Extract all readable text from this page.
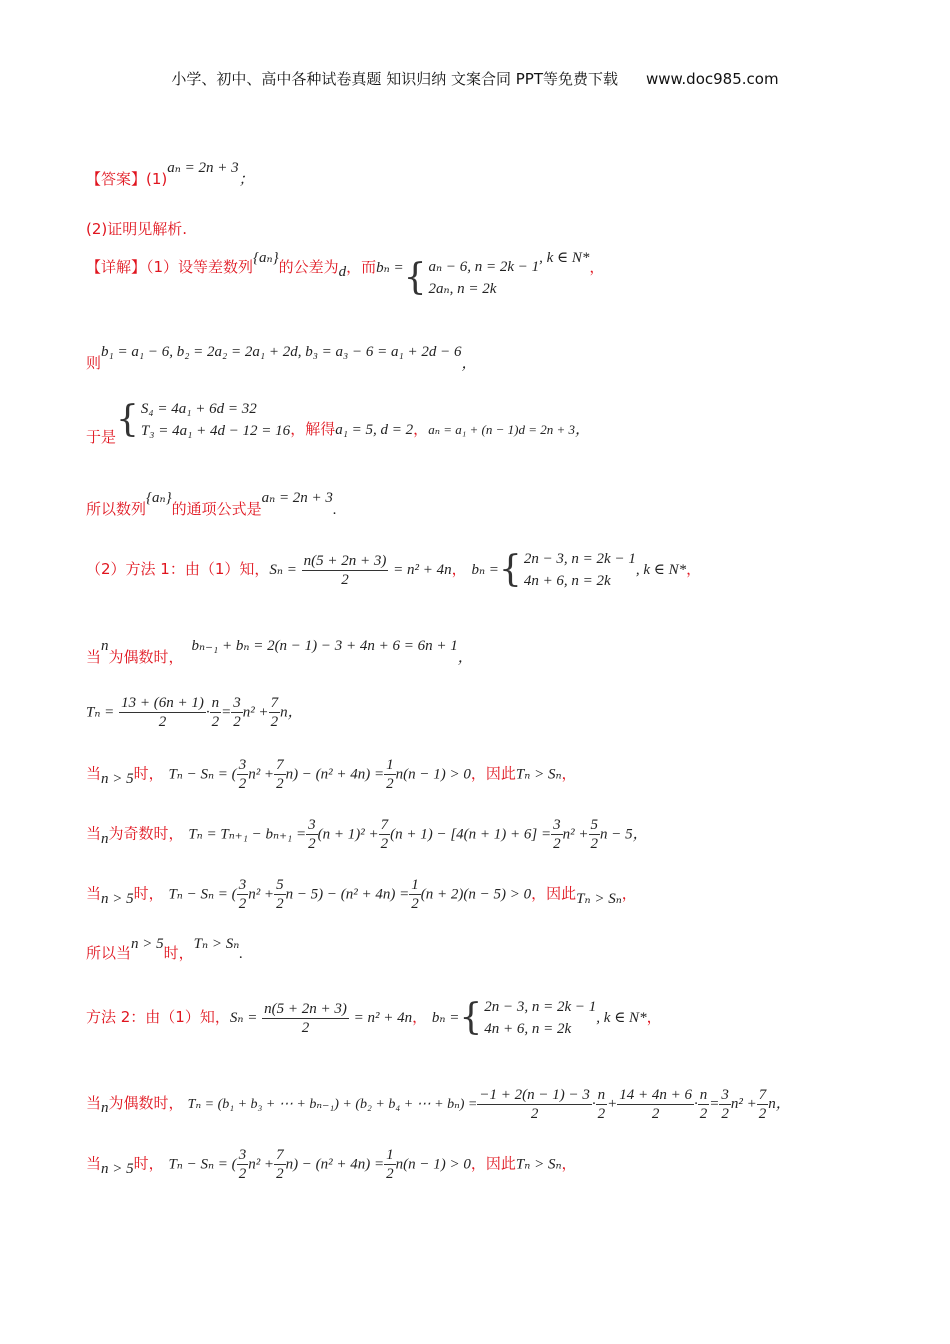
小学、初中、高中各种试卷真题 知识归纳 文案合同 PPT等免费下载 www.doc985.com
【答案】(1)aₙ = 2n + 3；
(2)证明见解析.
【详解】（1）设等差数列{aₙ}的公差为d，而bₙ ={ aₙ − 6, n = 2k − 1
2aₙ, n = 2k
, k ∈ N*，
则b₁ = a₁ − 6, b₂ = 2a₂ = 2a₁ + 2d, b₃ = a₃ − 6 = a₁ + 2d − 6，
于是{ S₄ = 4a₁ + 6d = 32
T₃ = 4a₁ + 4d − 12 = 16 ，解得a₁ = 5, d = 2，aₙ = a₁ + (n − 1)d = 2n + 3，
所以数列{aₙ}的通项公式是aₙ = 2n + 3.
（2）方法 1：由（1）知，$S_n = \frac{n(5 + 2n + 3)}{2} = n^2 + 4n$， bₙ ={ 2n − 3, n = 2k − 1
4n + 6, n = 2k
, k ∈ N*，
当n为偶数时，bₙ₋₁ + bₙ = 2(n − 1) − 3 + 4n + 6 = 6n + 1，
$T_n = \frac{13 + (6n + 1)}{2} \cdot \frac{n}{2} = \frac{3}{2} n^2 + \frac{7}{2}$ n，
当n > 5时， Tₙ − Sₙ = ( $\frac{3}{2} n^2 + \frac{7}{2} n) - (n^2 + 4n) = \frac{1}{2} n(n - 1) > 0$，因此Tₙ > Sₙ，
当n为奇数时， $T_n = T_{n+1} - b_{n+1} = \frac{3}{2} (n + 1)^2 + \frac{7}{2} (n + 1) - [4(n + 1) + 6] = \frac{3}{2} n^2 + \frac{5}{2}$ n − 5，
当n > 5时， Tₙ − Sₙ = ( $\frac{3}{2} n^2 + \frac{5}{2}$ $n - 5) - (n^2 + 4n) = \frac{1}{2} (n + 2)(n - 5) > 0$，因此Tₙ > Sₙ，
所以当n > 5时，Tₙ > Sₙ.
方法 2：由（1）知，$S_n = \frac{n(5 + 2n + 3)}{2} = n^2 + 4n$， bₙ ={ 2n − 3, n = 2k − 1
4n + 6, n = 2k
, k ∈ N*，
当n为偶数时， Tₙ = (b₁ + b₃ + ⋯ + bₙ₋₁) + (b₂ + b₄ + ⋯ + $b_n) = \frac{-1 + 2(n - 1) - 3}{2} \cdot \frac{n}{2} + \frac{14 + 4n + 6}{2} \cdot \frac{n}{2} = \frac{3}{2} n^2 + \frac{7}{2}$ n，
当n > 5时， Tₙ − Sₙ = ( $\frac{3}{2} n^2 + \frac{7}{2} n) - (n^2 + 4n) = \frac{1}{2} n(n - 1) > 0$，因此Tₙ > Sₙ，
